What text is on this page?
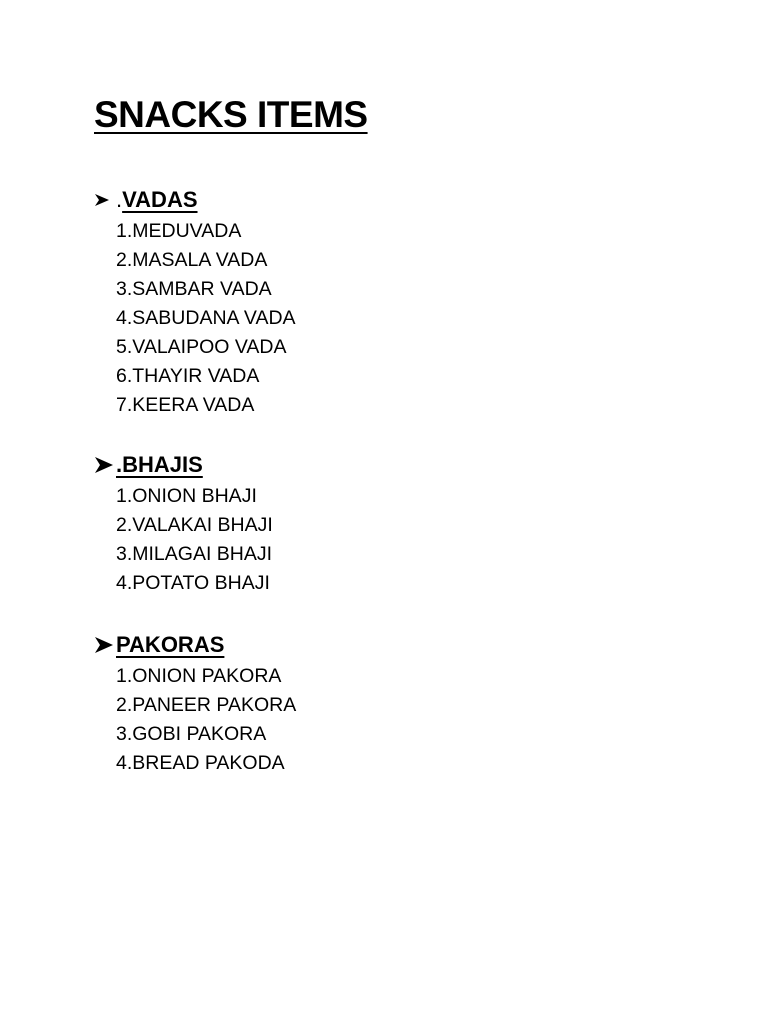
SNACKS ITEMS
.VADAS
1.MEDUVADA
2.MASALA VADA
3.SAMBAR VADA
4.SABUDANA VADA
5.VALAIPOO VADA
6.THAYIR VADA
7.KEERA VADA
.BHAJIS
1.ONION BHAJI
2.VALAKAI BHAJI
3.MILAGAI BHAJI
4.POTATO BHAJI
PAKORAS
1.ONION PAKORA
2.PANEER PAKORA
3.GOBI PAKORA
4.BREAD PAKODA
